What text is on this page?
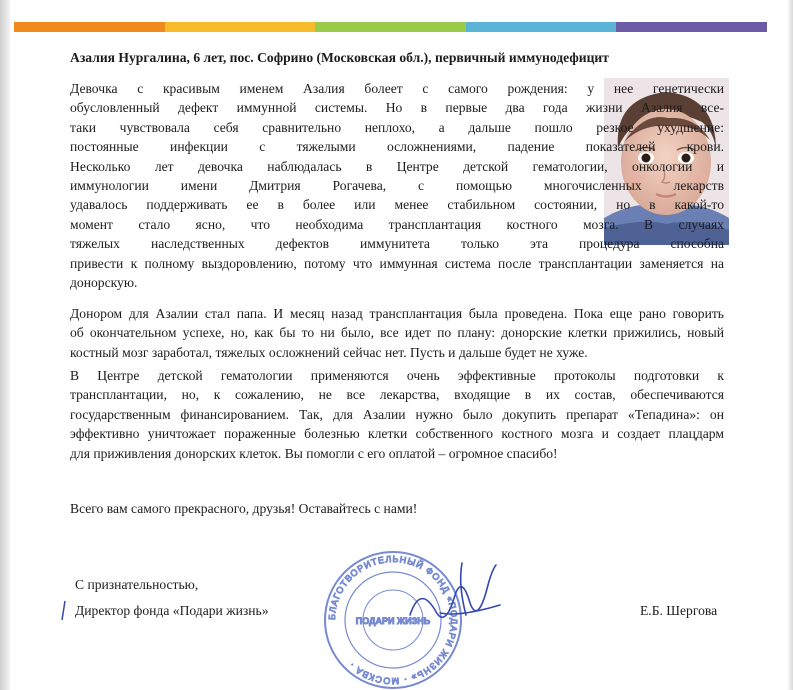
Азалия Нургалина, 6 лет, пос. Софрино (Московская обл.), первичный иммунодефицит

Девочка с красивым именем Азалия болеет с самого рождения: у нее генетически
обусловленный дефект иммунной системы. Но в первые два года жизни Азалия все-
таки чувствовала себя сравнительно неплохо, а дальше пошло резкое ухудшение:
постоянные инфекции с тяжелыми осложнениями, падение показателей крови.
Несколько лет девочка наблюдалась в Центре детской гематологии, онкологии и
иммунологии имени Дмитрия Рогачева, с помощью многочисленных лекарств
удавалось поддерживать ее в более или менее стабильном состоянии, но в какой-то
момент стало ясно, что необходима трансплантация костного мозга. В случаях
тяжелых наследственных дефектов иммунитета только эта процедура способна
привести к полному выздоровлению, потому что иммунная система после трансплантации заменяется на
донорскую.

Донором для Азалии стал папа. И месяц назад трансплантация была проведена. Пока еще рано говорить
об окончательном успехе, но, как бы то ни было, все идет по плану: донорские клетки прижились, новый
костный мозг заработал, тяжелых осложнений сейчас нет. Пусть и дальше будет не хуже.

В Центре детской гематологии применяются очень эффективные протоколы подготовки к
трансплантации, но, к сожалению, не все лекарства, входящие в их состав, обеспечиваются
государственным финансированием. Так, для Азалии нужно было докупить препарат «Тепадина»: он
эффективно уничтожает пораженные болезнью клетки собственного костного мозга и создает плацдарм
для приживления донорских клеток. Вы помогли с его оплатой – огромное спасибо!

Всего вам самого прекрасного, друзья! Оставайтесь с нами!

С признательностью,
Директор фонда «Подари жизнь»	Е.Б. Шергова
БЛАГОТВОРИТЕЛЬНЫЙ ФОНД «ПОДАРИ ЖИЗНЬ» · МОСКВА ·
ПОДАРИ ЖИЗНЬ
